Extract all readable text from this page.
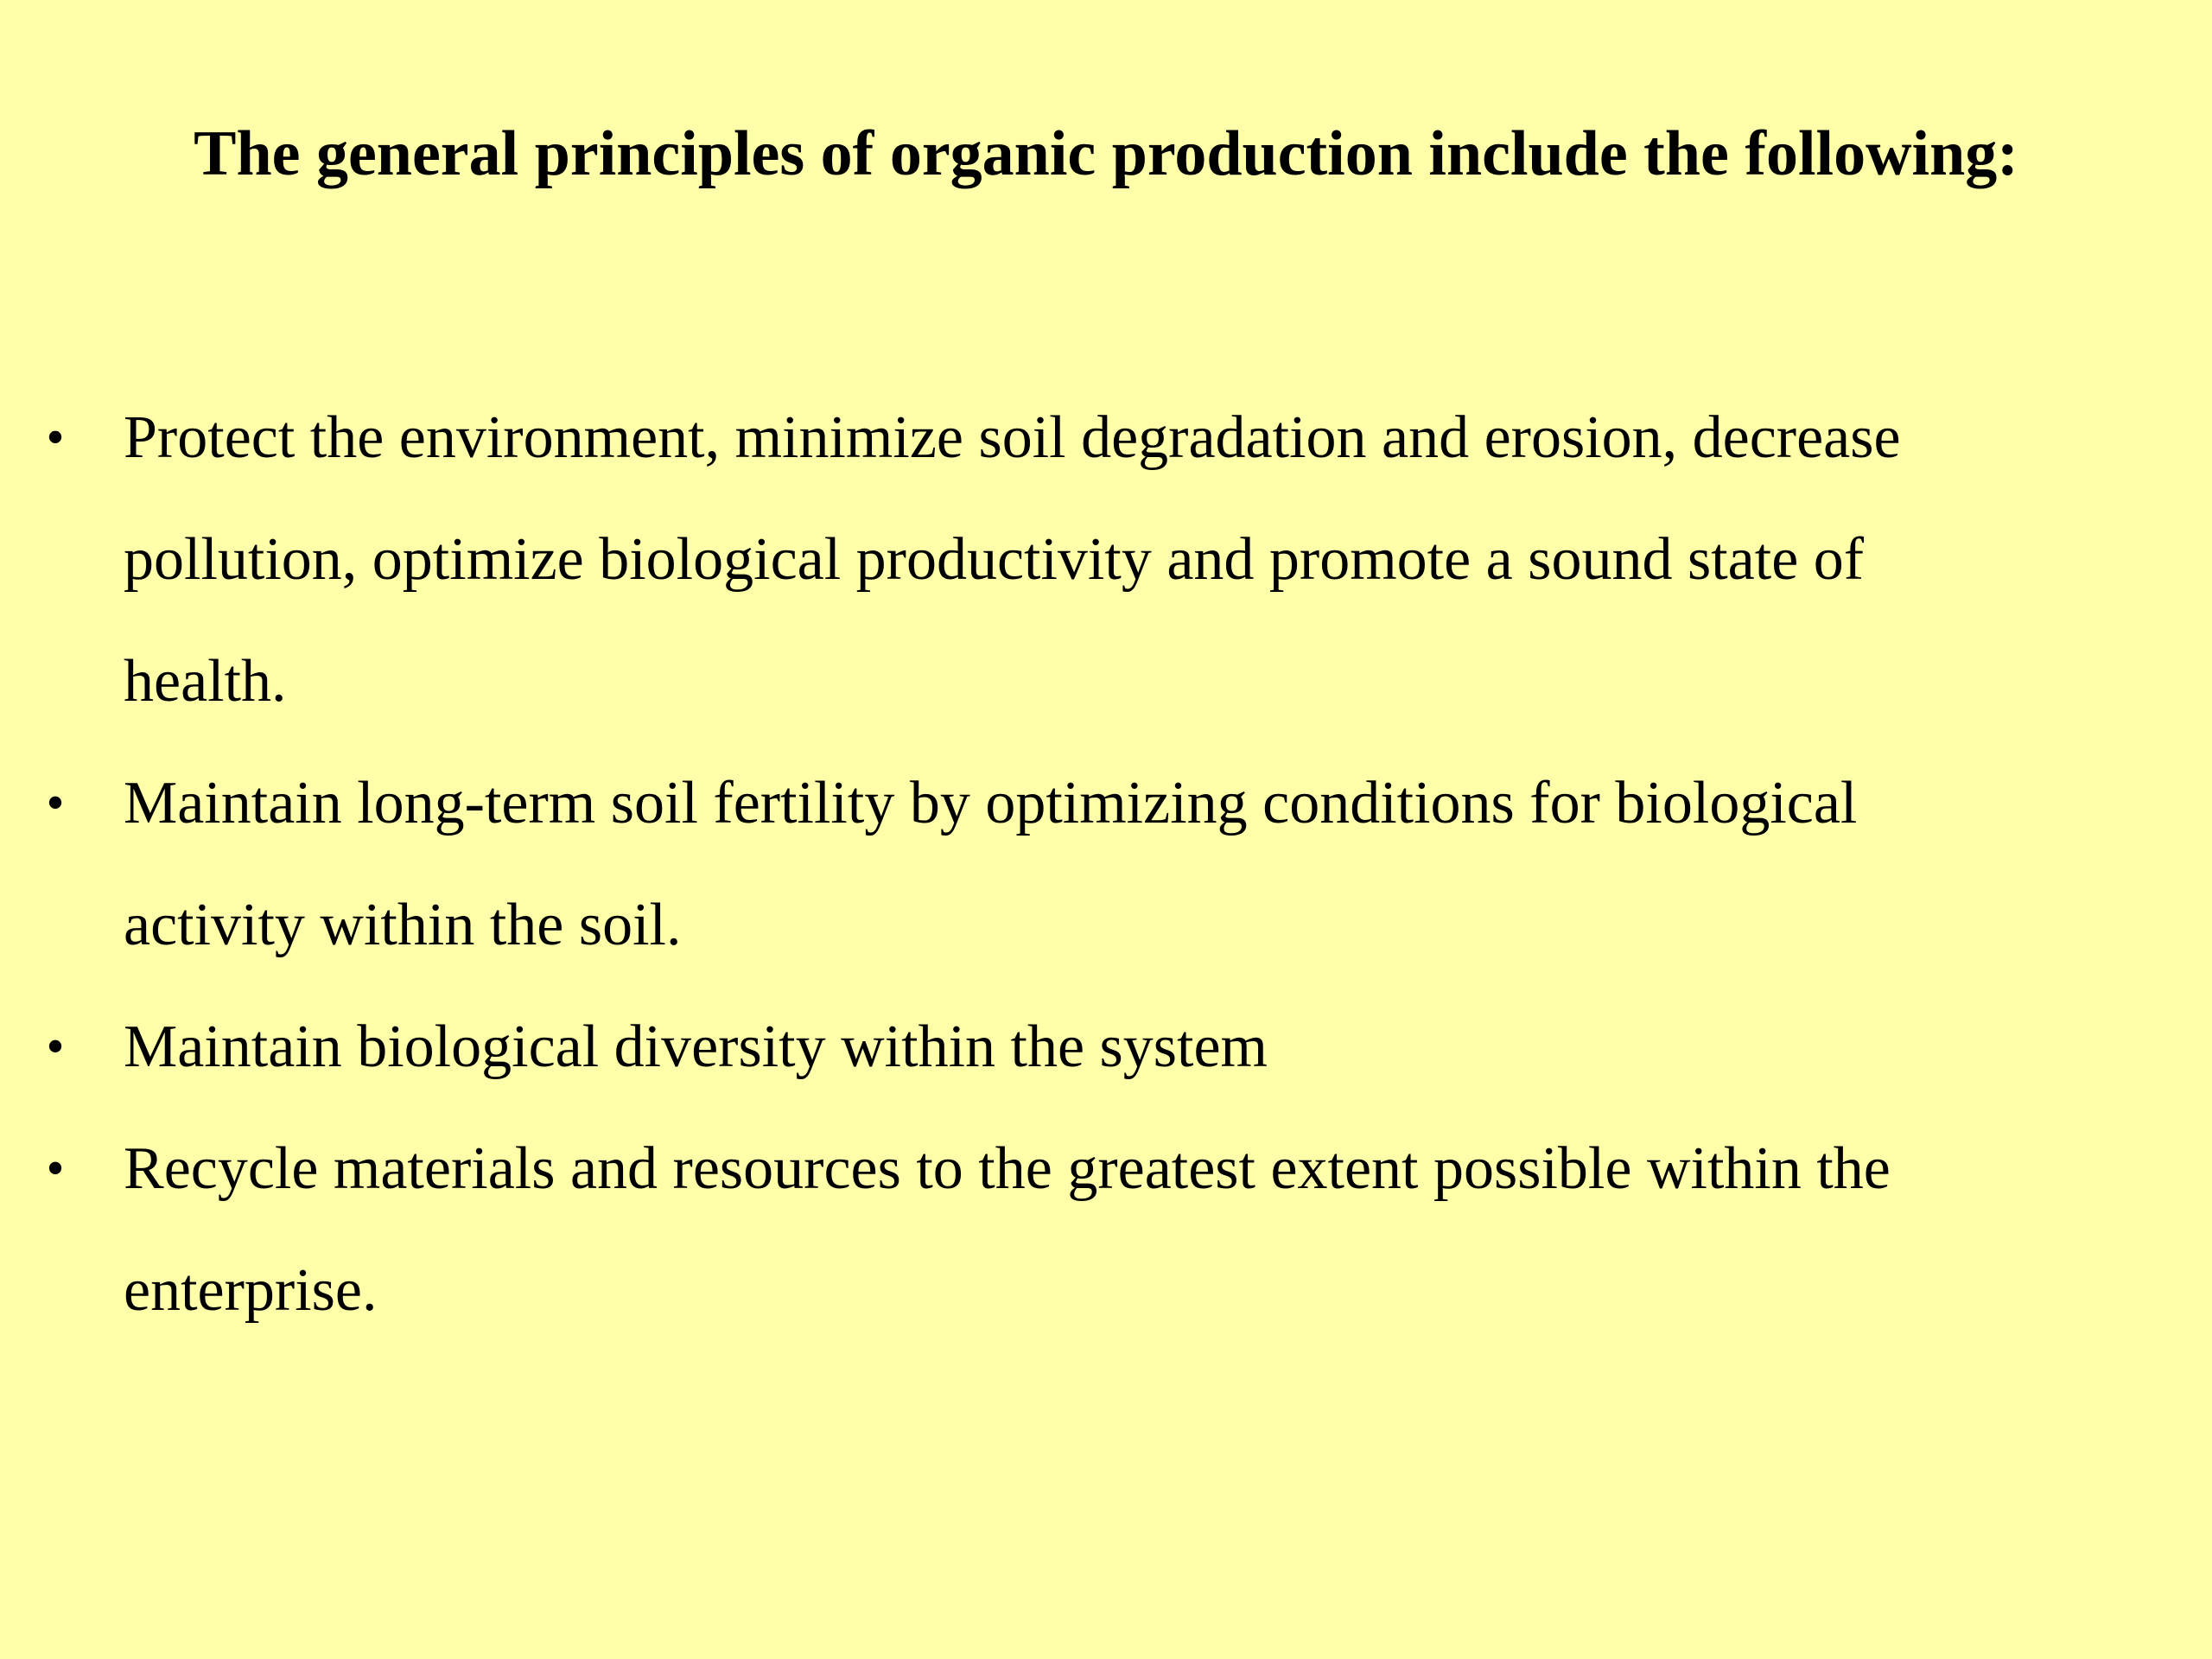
The general principles of organic production include the following:
• Protect the environment, minimize soil degradation and erosion, decrease
pollution, optimize biological productivity and promote a sound state of
health.
• Maintain long-term soil fertility by optimizing conditions for biological
activity within the soil.
• Maintain biological diversity within the system
• Recycle materials and resources to the greatest extent possible within the
enterprise.
